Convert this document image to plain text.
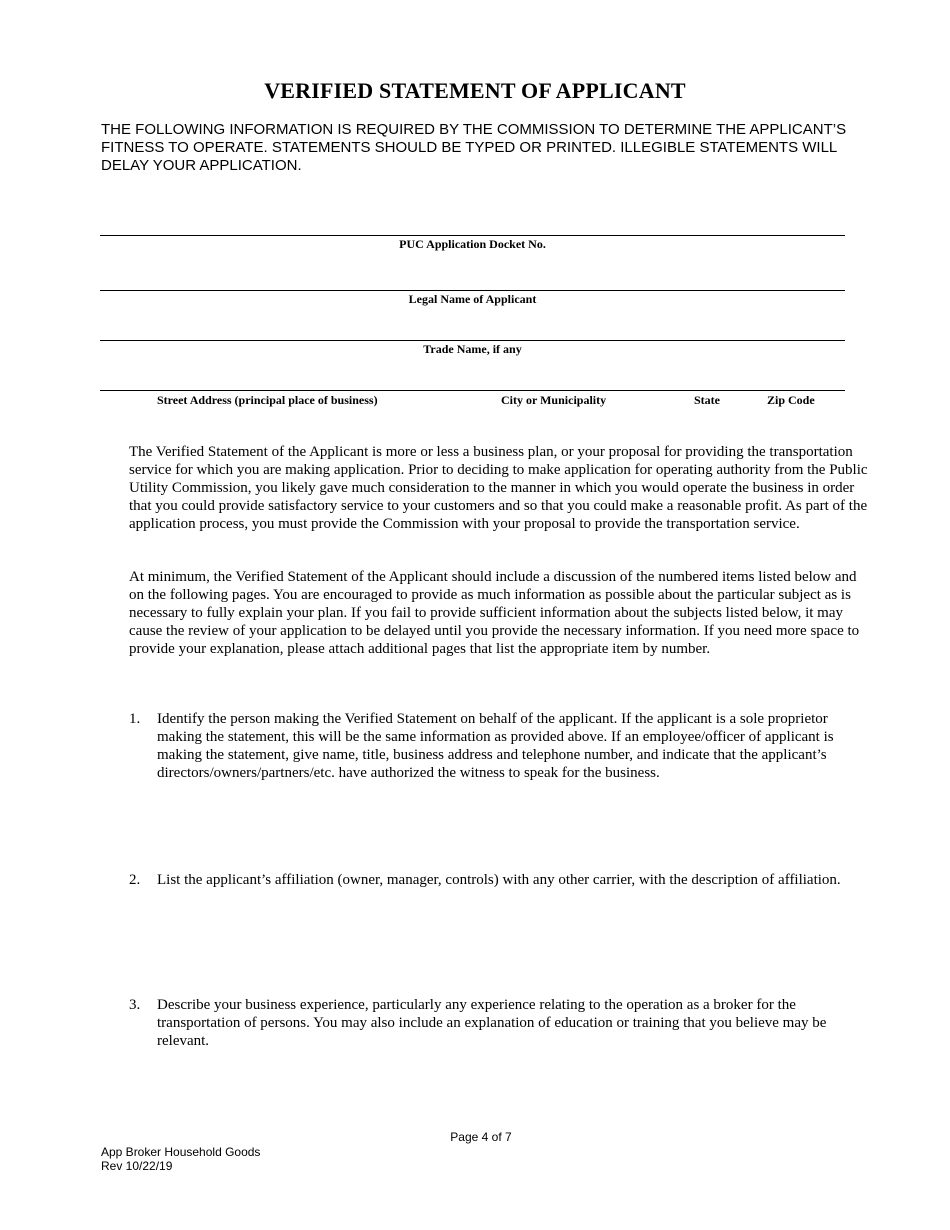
VERIFIED STATEMENT OF APPLICANT
THE FOLLOWING INFORMATION IS REQUIRED BY THE COMMISSION TO DETERMINE THE APPLICANT’S FITNESS TO OPERATE. STATEMENTS SHOULD BE TYPED OR PRINTED. ILLEGIBLE STATEMENTS WILL DELAY YOUR APPLICATION.
PUC Application Docket No.
Legal Name of Applicant
Trade Name, if any
Street Address (principal place of business)	City or Municipality	State	Zip Code
The Verified Statement of the Applicant is more or less a business plan, or your proposal for providing the transportation service for which you are making application. Prior to deciding to make application for operating authority from the Public Utility Commission, you likely gave much consideration to the manner in which you would operate the business in order that you could provide satisfactory service to your customers and so that you could make a reasonable profit. As part of the application process, you must provide the Commission with your proposal to provide the transportation service.
At minimum, the Verified Statement of the Applicant should include a discussion of the numbered items listed below and on the following pages. You are encouraged to provide as much information as possible about the particular subject as is necessary to fully explain your plan. If you fail to provide sufficient information about the subjects listed below, it may cause the review of your application to be delayed until you provide the necessary information. If you need more space to provide your explanation, please attach additional pages that list the appropriate item by number.
1. Identify the person making the Verified Statement on behalf of the applicant. If the applicant is a sole proprietor making the statement, this will be the same information as provided above. If an employee/officer of applicant is making the statement, give name, title, business address and telephone number, and indicate that the applicant’s directors/owners/partners/etc. have authorized the witness to speak for the business.
2. List the applicant’s affiliation (owner, manager, controls) with any other carrier, with the description of affiliation.
3. Describe your business experience, particularly any experience relating to the operation as a broker for the transportation of persons. You may also include an explanation of education or training that you believe may be relevant.
Page 4 of 7
App Broker Household Goods
Rev 10/22/19
